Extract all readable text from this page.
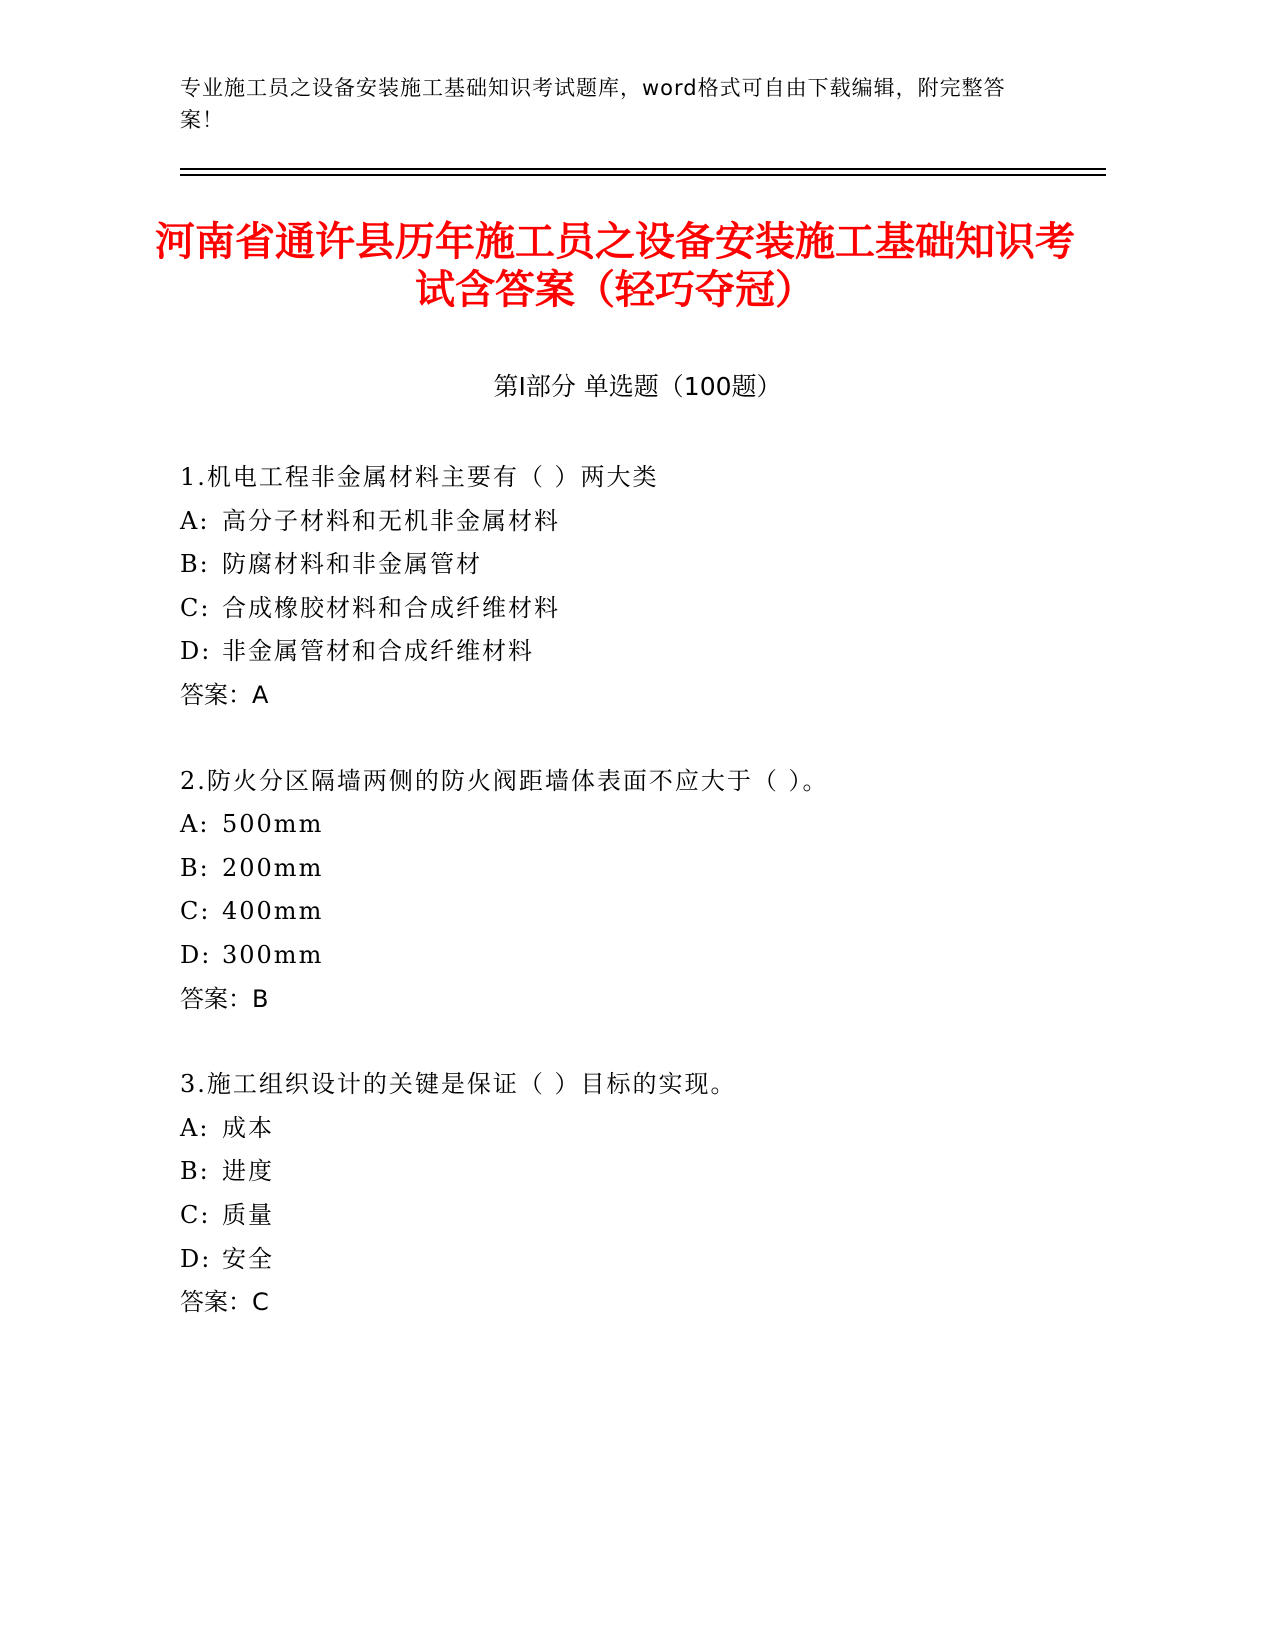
专业施工员之设备安装施工基础知识考试题库，word格式可自由下载编辑，附完整答案！
河南省通许县历年施工员之设备安装施工基础知识考试含答案（轻巧夺冠）
第Ⅰ部分 单选题（100题）
1.机电工程非金属材料主要有（ ）两大类
A: 高分子材料和无机非金属材料
B: 防腐材料和非金属管材
C: 合成橡胶材料和合成纤维材料
D: 非金属管材和合成纤维材料
答案：A
2.防火分区隔墙两侧的防火阀距墙体表面不应大于（ ）。
A: 500mm
B: 200mm
C: 400mm
D: 300mm
答案：B
3.施工组织设计的关键是保证（ ）目标的实现。
A: 成本
B: 进度
C: 质量
D: 安全
答案：C
